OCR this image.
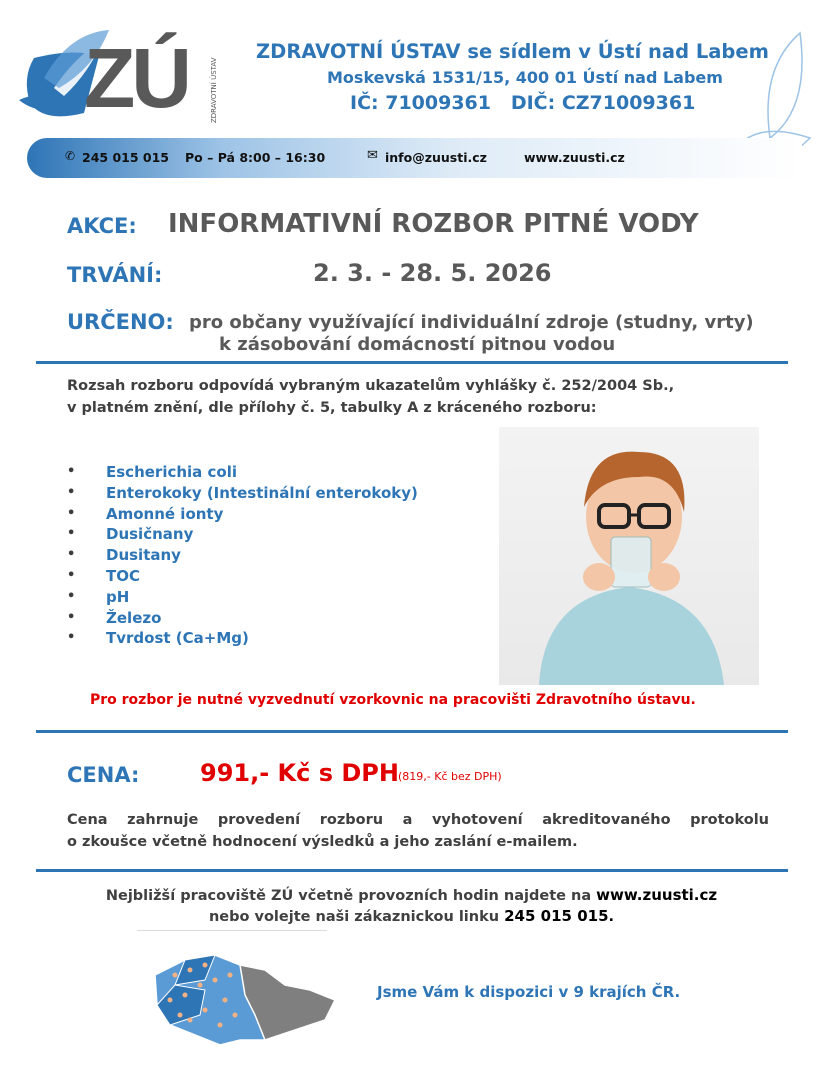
ZÚ	ZDRAVOTNÍ ÚSTAV
ZDRAVOTNÍ ÚSTAV se sídlem v Ústí nad Labem
Moskevská 1531/15, 400 01 Ústí nad Labem
IČ: 71009361   DIČ: CZ71009361
✆ 245 015 015 Po – Pá 8:00 – 16:30	✉ info@zuusti.cz	www.zuusti.cz
AKCE: INFORMATIVNÍ ROZBOR PITNÉ VODY
TRVÁNÍ:	2. 3. - 28. 5. 2026
URČENO: pro občany využívající individuální zdroje (studny, vrty)
k zásobování domácností pitnou vodou
Rozsah rozboru odpovídá vybraným ukazatelům vyhlášky č. 252/2004 Sb.,
v platném znění, dle přílohy č. 5, tabulky A z kráceného rozboru:
• Escherichia coli
• Enterokoky (Intestinální enterokoky)
• Amonné ionty
• Dusičnany
• Dusitany
• TOC
• pH
• Železo
• Tvrdost (Ca+Mg)
Pro rozbor je nutné vyzvednutí vzorkovnic na pracovišti Zdravotního ústavu.
CENA:	991,- Kč s DPH (819,- Kč bez DPH)
Cena zahrnuje provedení rozboru a vyhotovení akreditovaného protokolu
o zkoušce včetně hodnocení výsledků a jeho zaslání e-mailem.
Nejbližší pracoviště ZÚ včetně provozních hodin najdete na www.zuusti.cz
nebo volejte naši zákaznickou linku 245 015 015.
Jsme Vám k dispozici v 9 krajích ČR.
